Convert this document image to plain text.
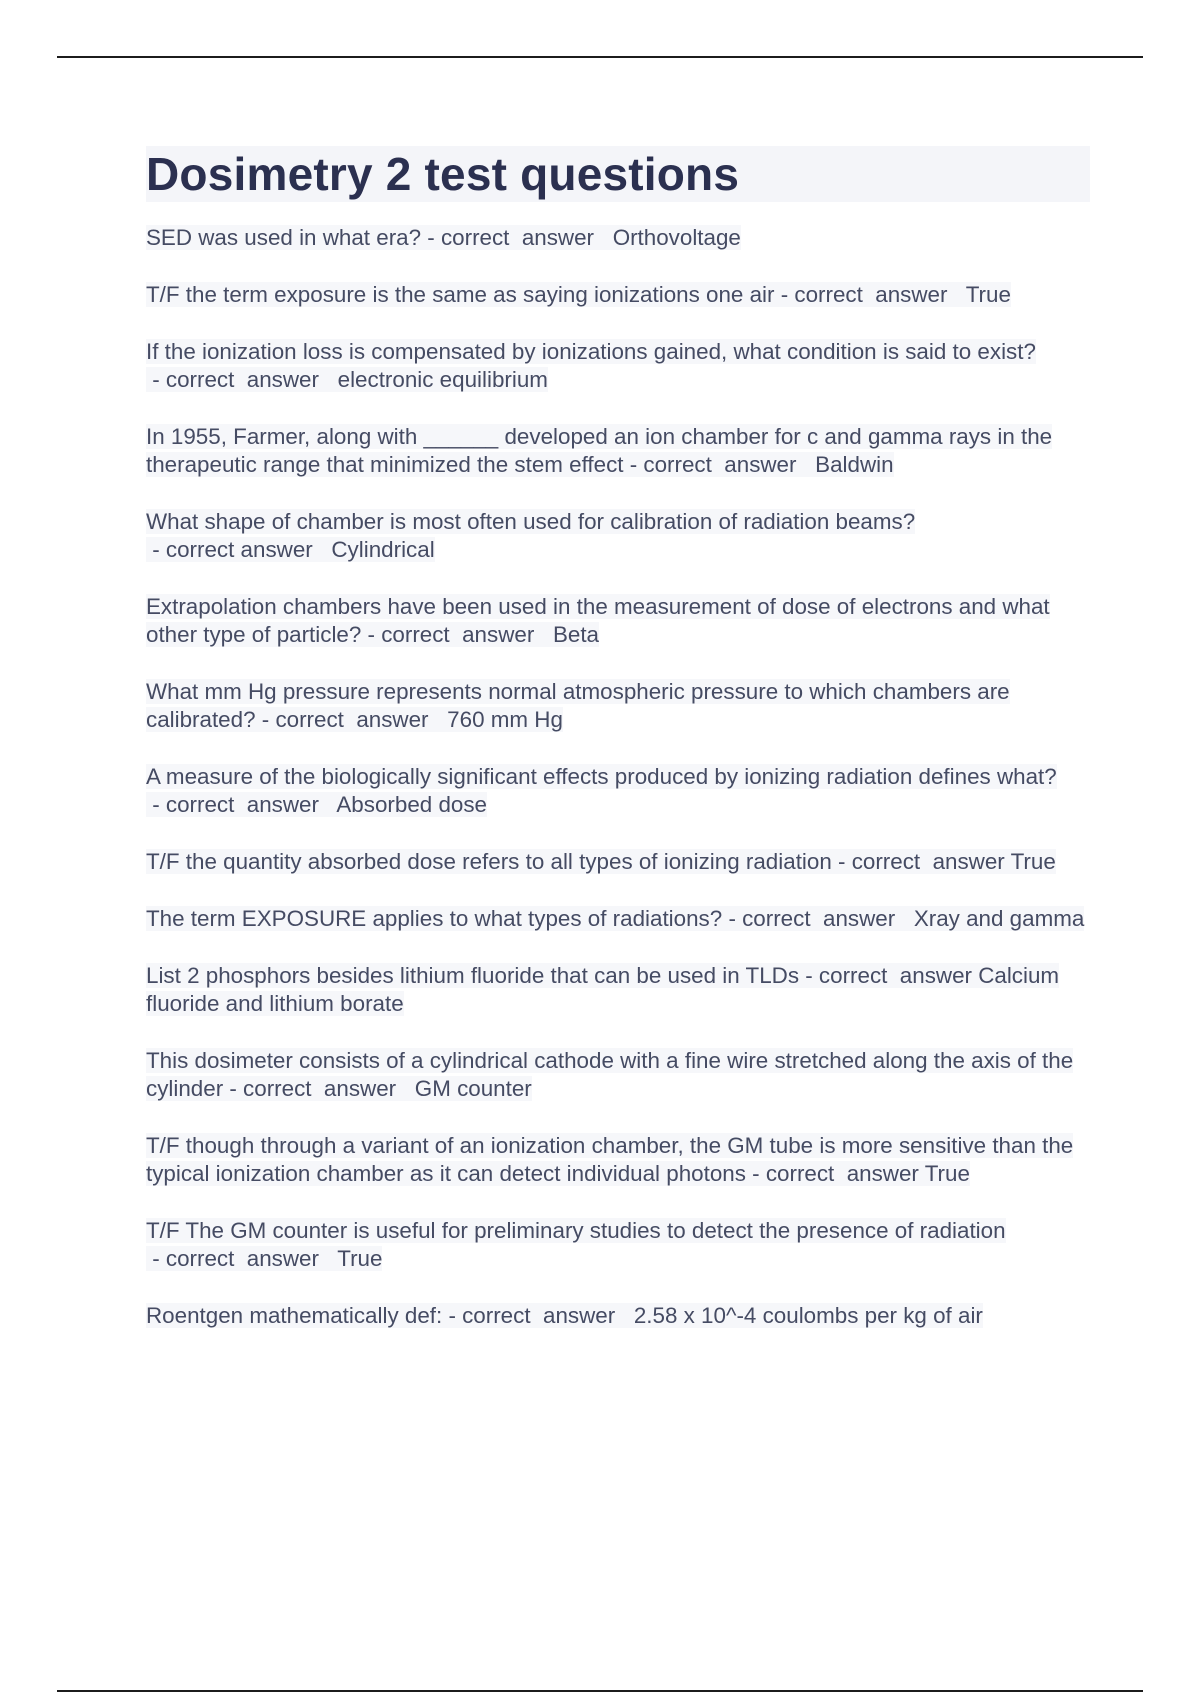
Dosimetry 2 test questions
SED was used in what era? - correct  answer   Orthovoltage
T/F the term exposure is the same as saying ionizations one air - correct  answer   True
If the ionization loss is compensated by ionizations gained, what condition is said to exist? - correct  answer   electronic equilibrium
In 1955, Farmer, along with ______ developed an ion chamber for c and gamma rays in the therapeutic range that minimized the stem effect - correct  answer   Baldwin
What shape of chamber is most often used for calibration of radiation beams? - correct answer   Cylindrical
Extrapolation chambers have been used in the measurement of dose of electrons and what other type of particle? - correct  answer   Beta
What mm Hg pressure represents normal atmospheric pressure to which chambers are calibrated? - correct  answer   760 mm Hg
A measure of the biologically significant effects produced by ionizing radiation defines what? - correct  answer   Absorbed dose
T/F the quantity absorbed dose refers to all types of ionizing radiation - correct  answer True
The term EXPOSURE applies to what types of radiations? - correct  answer   Xray and gamma
List 2 phosphors besides lithium fluoride that can be used in TLDs - correct  answer Calcium fluoride and lithium borate
This dosimeter consists of a cylindrical cathode with a fine wire stretched along the axis of the cylinder - correct  answer   GM counter
T/F though through a variant of an ionization chamber, the GM tube is more sensitive than the typical ionization chamber as it can detect individual photons - correct  answer True
T/F The GM counter is useful for preliminary studies to detect the presence of radiation - correct  answer   True
Roentgen mathematically def: - correct  answer   2.58 x 10^-4 coulombs per kg of air
